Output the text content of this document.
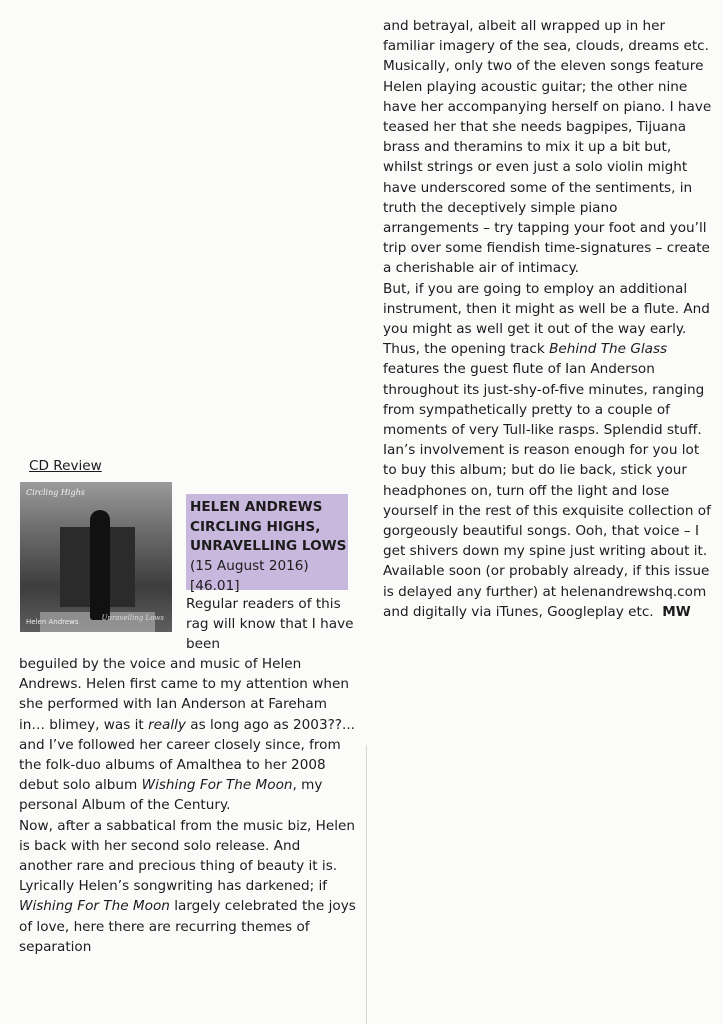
CD Review
Circling Highs
Helen Andrews	Unravelling Lows
HELEN ANDREWS CIRCLING HIGHS, UNRAVELLING LOWS
(15 August 2016)
[46.01]
Regular readers of this rag will know that I have been

beguiled by the voice and music of Helen Andrews. Helen first came to my attention when she performed with Ian Anderson at Fareham in… blimey, was it really as long ago as 2003??... and I’ve followed her career closely since, from the folk-duo albums of Amalthea to her 2008 debut solo album Wishing For The Moon, my personal Album of the Century.

Now, after a sabbatical from the music biz, Helen is back with her second solo release. And another rare and precious thing of beauty it is. Lyrically Helen’s songwriting has darkened; if Wishing For The Moon largely celebrated the joys of love, here there are recurring themes of separation

and betrayal, albeit all wrapped up in her familiar imagery of the sea, clouds, dreams etc. Musically, only two of the eleven songs feature Helen playing acoustic guitar; the other nine have her accompanying herself on piano. I have teased her that she needs bagpipes, Tijuana brass and theramins to mix it up a bit but, whilst strings or even just a solo violin might have underscored some of the sentiments, in truth the deceptively simple piano arrangements – try tapping your foot and you’ll trip over some fiendish time-signatures – create a cherishable air of intimacy.

But, if you are going to employ an additional instrument, then it might as well be a flute. And you might as well get it out of the way early. Thus, the opening track Behind The Glass features the guest flute of Ian Anderson throughout its just-shy-of-five minutes, ranging from sympathetically pretty to a couple of moments of very Tull-like rasps. Splendid stuff.

Ian’s involvement is reason enough for you lot to buy this album; but do lie back, stick your headphones on, turn off the light and lose yourself in the rest of this exquisite collection of gorgeously beautiful songs. Ooh, that voice – I get shivers down my spine just writing about it. Available soon (or probably already, if this issue is delayed any further) at helenandrewshq.com and digitally via iTunes, Googleplay etc. MW
